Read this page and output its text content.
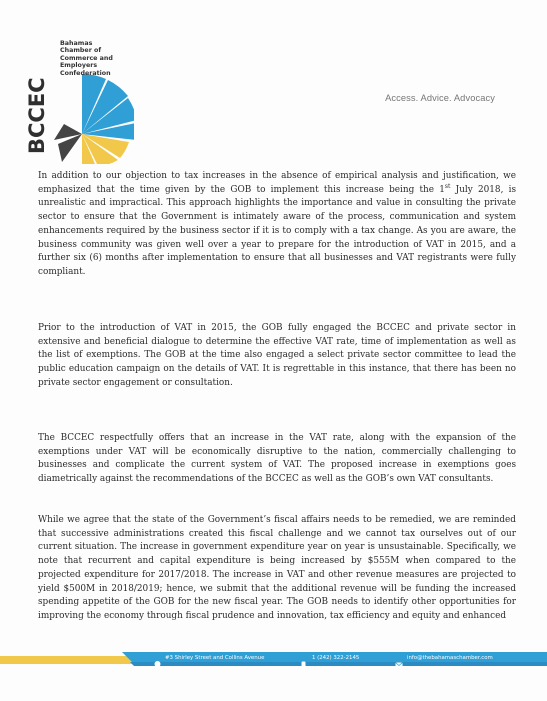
BCCEC
Bahamas
Chamber of
Commerce and
Employers
Confederation
Access. Advice. Advocacy

In addition to our objection to tax increases in the absence of empirical analysis and justification, we emphasized that the time given by the GOB to implement this increase being the 1st July 2018, is unrealistic and impractical. This approach highlights the importance and value in consulting the private sector to ensure that the Government is intimately aware of the process, communication and system enhancements required by the business sector if it is to comply with a tax change. As you are aware, the business community was given well over a year to prepare for the introduction of VAT in 2015, and a further six (6) months after implementation to ensure that all businesses and VAT registrants were fully compliant.

Prior to the introduction of VAT in 2015, the GOB fully engaged the BCCEC and private sector in extensive and beneficial dialogue to determine the effective VAT rate, time of implementation as well as the list of exemptions. The GOB at the time also engaged a select private sector committee to lead the public education campaign on the details of VAT. It is regrettable in this instance, that there has been no private sector engagement or consultation.

The BCCEC respectfully offers that an increase in the VAT rate, along with the expansion of the exemptions under VAT will be economically disruptive to the nation, commercially challenging to businesses and complicate the current system of VAT. The proposed increase in exemptions goes diametrically against the recommendations of the BCCEC as well as the GOB’s own VAT consultants.

While we agree that the state of the Government’s fiscal affairs needs to be remedied, we are reminded that successive administrations created this fiscal challenge and we cannot tax ourselves out of our current situation. The increase in government expenditure year on year is unsustainable. Specifically, we note that recurrent and capital expenditure is being increased by $555M when compared to the projected expenditure for 2017/2018. The increase in VAT and other revenue measures are projected to yield $500M in 2018/2019; hence, we submit that the additional revenue will be funding the increased spending appetite of the GOB for the new fiscal year. The GOB needs to identify other opportunities for improving the economy through fiscal prudence and innovation, tax efficiency and equity and enhanced

#3 Shirley Street and Collins Avenue	1 (242) 322-2145	info@thebahamaschamber.com
